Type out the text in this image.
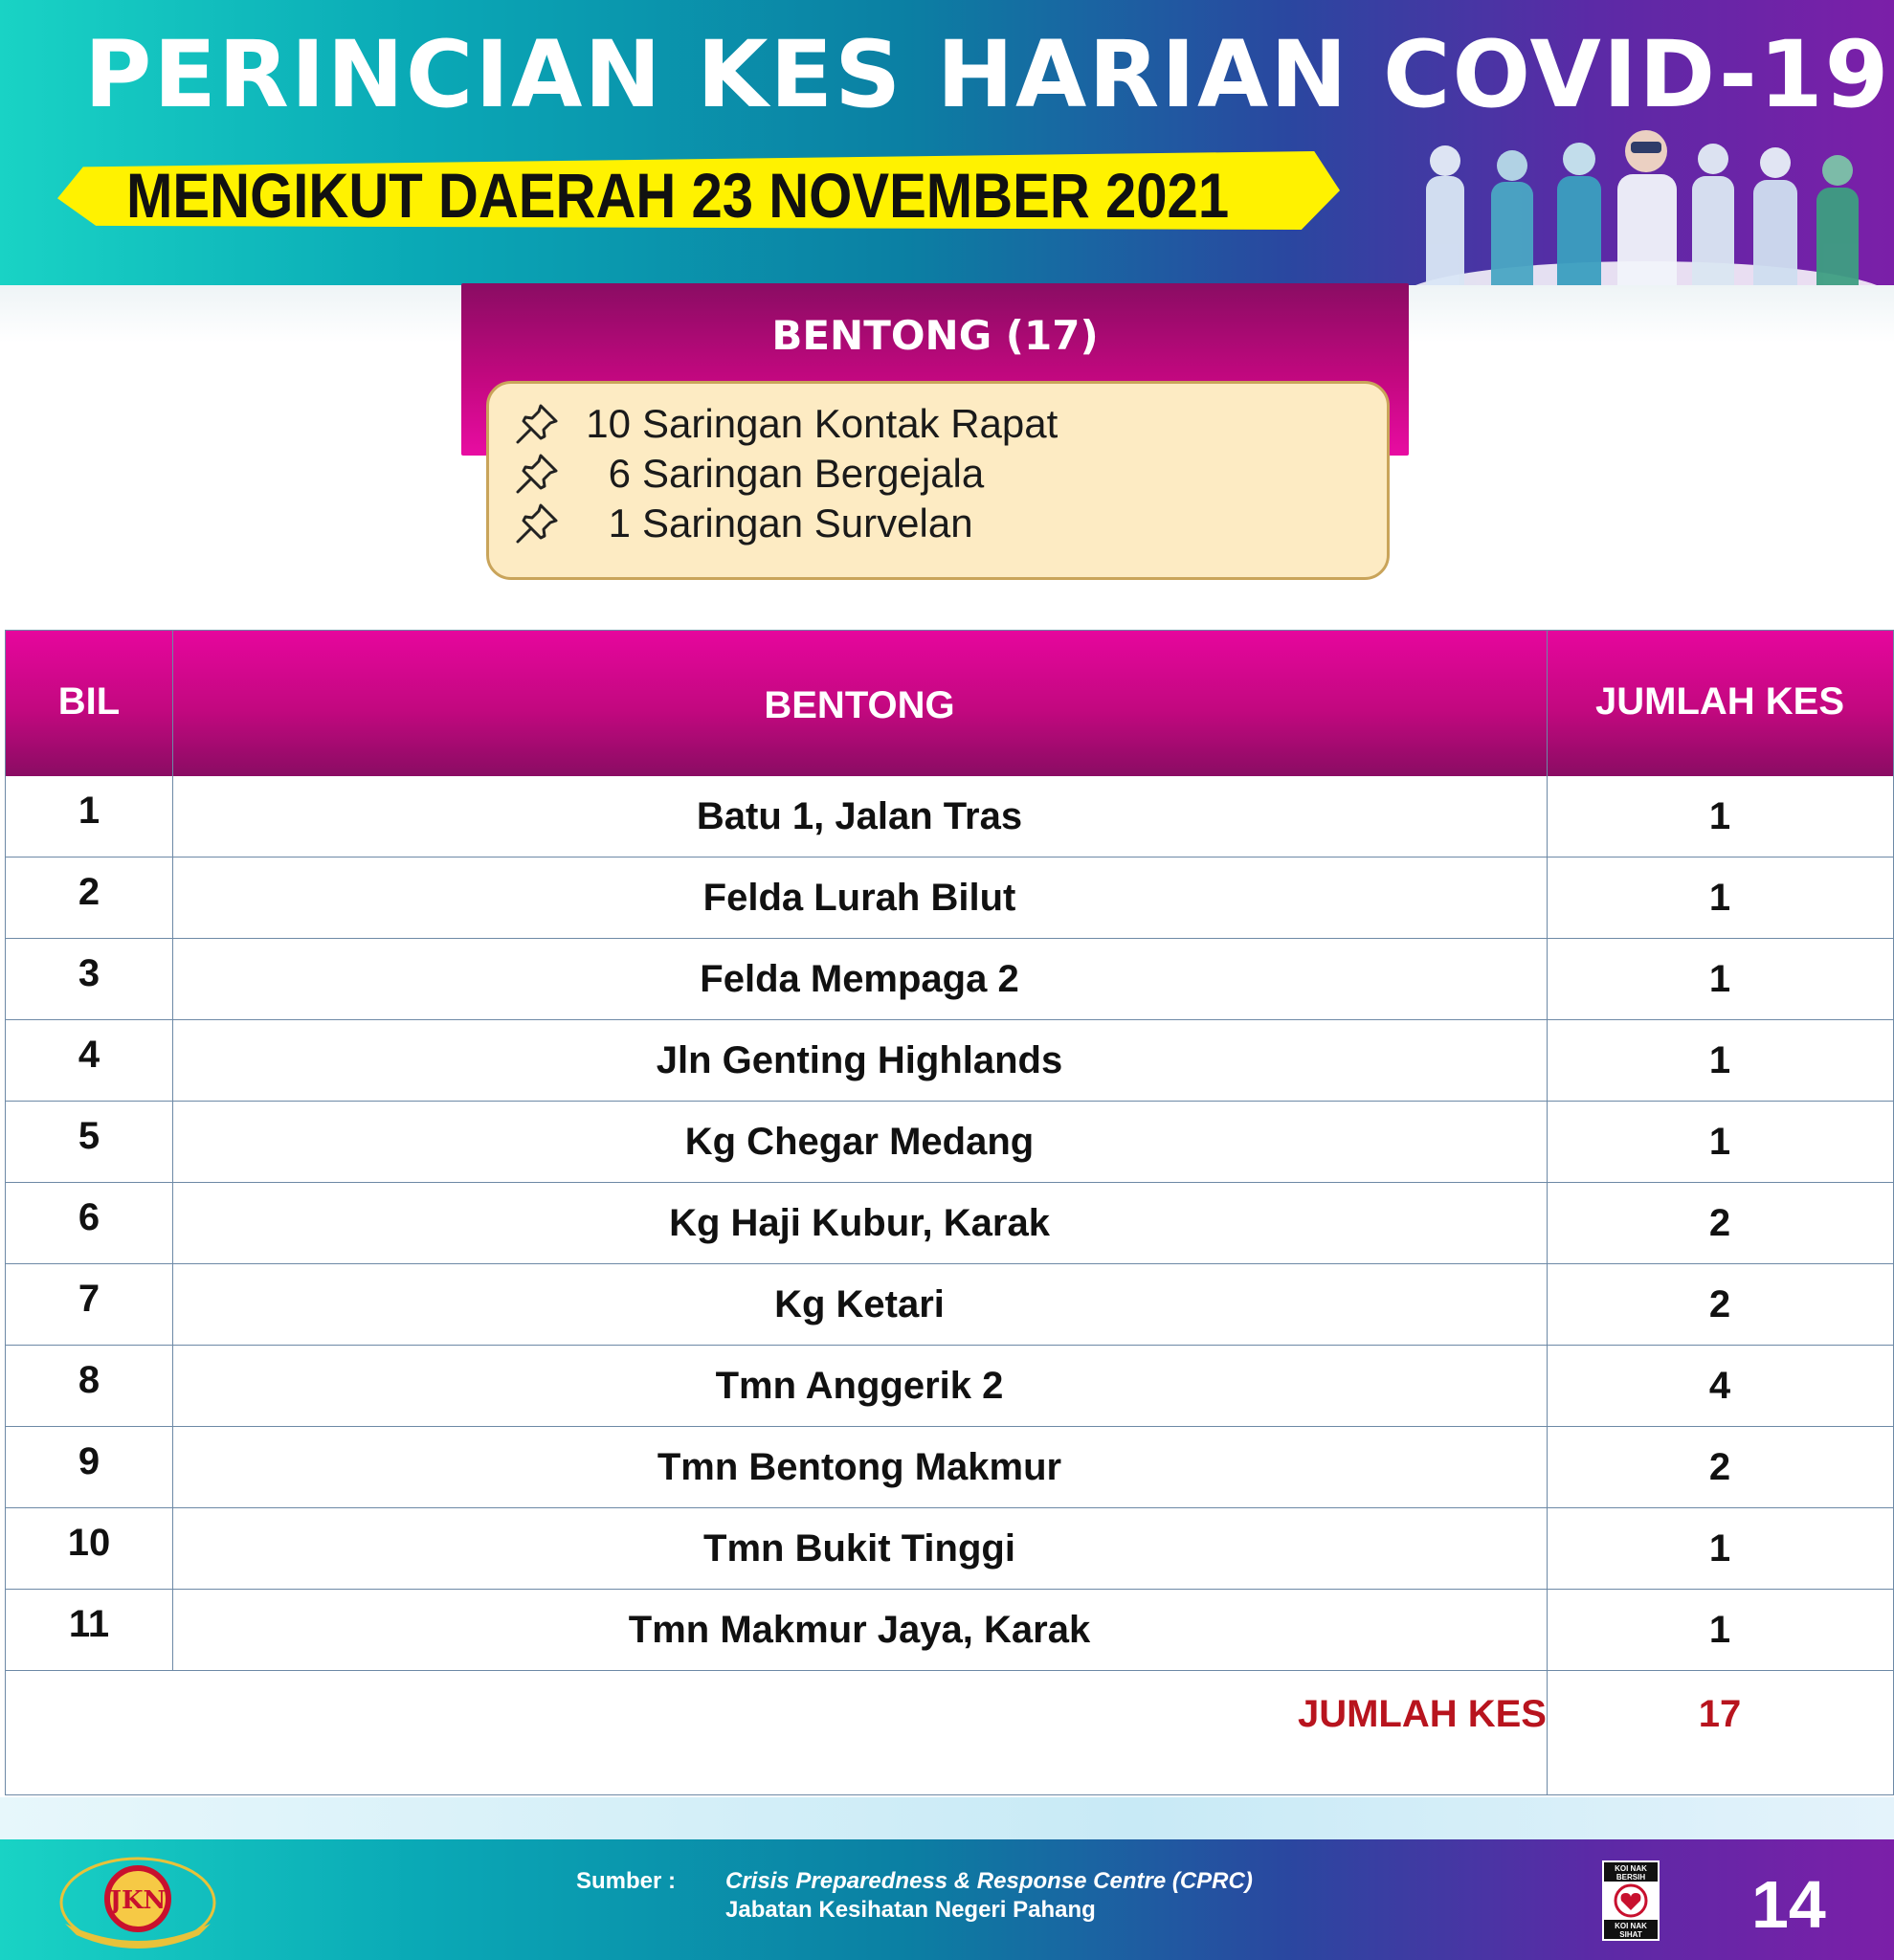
PERINCIAN KES HARIAN COVID-19
MENGIKUT DAERAH 23 NOVEMBER 2021
BENTONG (17)
10 Saringan Kontak Rapat
6 Saringan Bergejala
1 Saringan Survelan
BIL	BENTONG	JUMLAH KES
1	Batu 1, Jalan Tras	1
2	Felda Lurah Bilut	1
3	Felda Mempaga 2	1
4	Jln Genting Highlands	1
5	Kg Chegar Medang	1
6	Kg Haji Kubur, Karak	2
7	Kg Ketari	2
8	Tmn Anggerik 2	4
9	Tmn Bentong Makmur	2
10	Tmn Bukit Tinggi	1
11	Tmn Makmur Jaya, Karak	1
JUMLAH KES	17
JKN
Sumber : Crisis Preparedness & Response Centre (CPRC)
Jabatan Kesihatan Negeri Pahang
KOI NAK
BERSIH
KOI NAK
SIHAT 14
